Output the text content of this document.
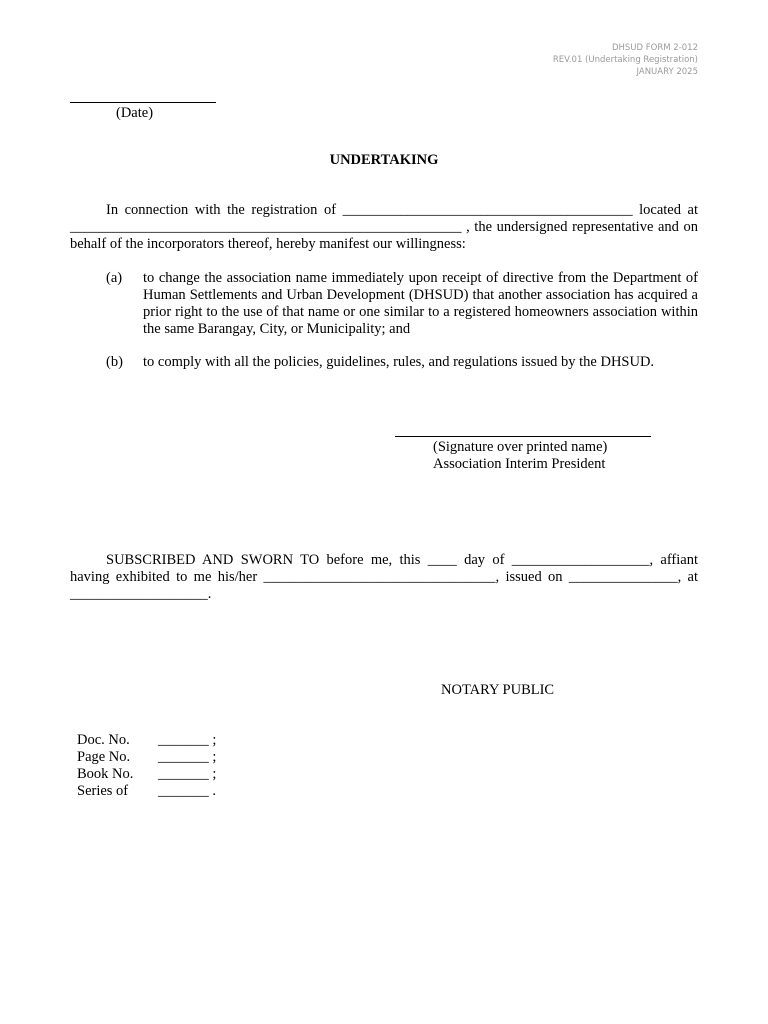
DHSUD FORM 2-012
REV.01 (Undertaking Registration)
JANUARY 2025
(Date)
UNDERTAKING
In connection with the registration of ________________________________________ located at ______________________________________________________ , the undersigned representative and on behalf of the incorporators thereof, hereby manifest our willingness:
(a)	to change the association name immediately upon receipt of directive from the Department of Human Settlements and Urban Development (DHSUD) that another association has acquired a prior right to the use of that name or one similar to a registered homeowners association within the same Barangay, City, or Municipality; and
(b)	to comply with all the policies, guidelines, rules, and regulations issued by the DHSUD.
(Signature over printed name)
Association Interim President
SUBSCRIBED AND SWORN TO before me, this ____ day of ___________________, affiant having exhibited to me his/her ________________________________, issued on _______________, at ___________________.
NOTARY PUBLIC
Doc. No.	_______ ;
Page No.	_______ ;
Book No.	_______ ;
Series of	_______ .
